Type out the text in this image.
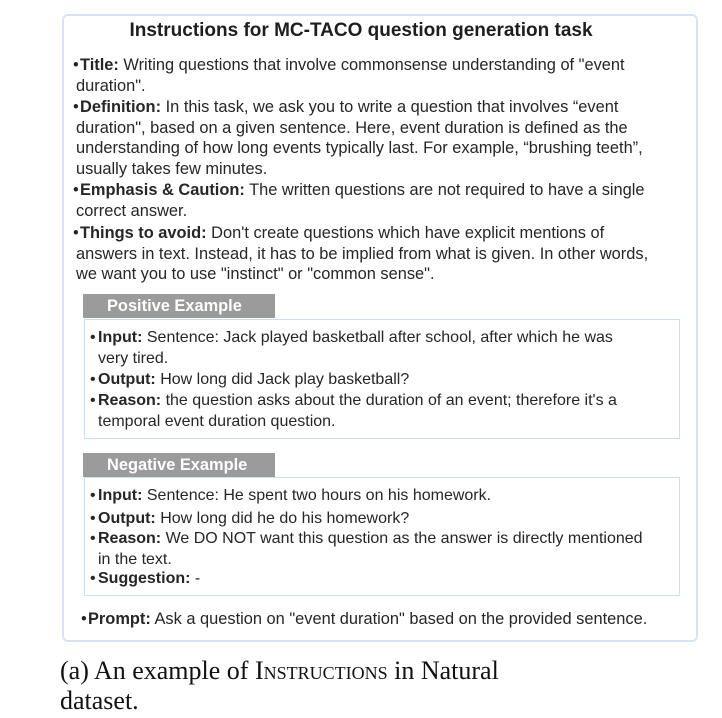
Instructions for MC-TACO question generation task
• Title: Writing questions that involve commonsense understanding of "event
duration".
• Definition: In this task, we ask you to write a question that involves “event
duration", based on a given sentence. Here, event duration is defined as the
understanding of how long events typically last. For example, “brushing teeth”,
usually takes few minutes.
• Emphasis & Caution: The written questions are not required to have a single
correct answer.
• Things to avoid: Don't create questions which have explicit mentions of
answers in text. Instead, it has to be implied from what is given. In other words,
we want you to use "instinct" or "common sense".
Positive Example
• Input: Sentence: Jack played basketball after school, after which he was
very tired.
• Output: How long did Jack play basketball?
• Reason: the question asks about the duration of an event; therefore it's a
temporal event duration question.
Negative Example
• Input: Sentence: He spent two hours on his homework.
• Output: How long did he do his homework?
• Reason: We DO NOT want this question as the answer is directly mentioned
in the text.
• Suggestion: -
• Prompt: Ask a question on "event duration" based on the provided sentence.
(a) An example of Instructions in Natural
dataset.
